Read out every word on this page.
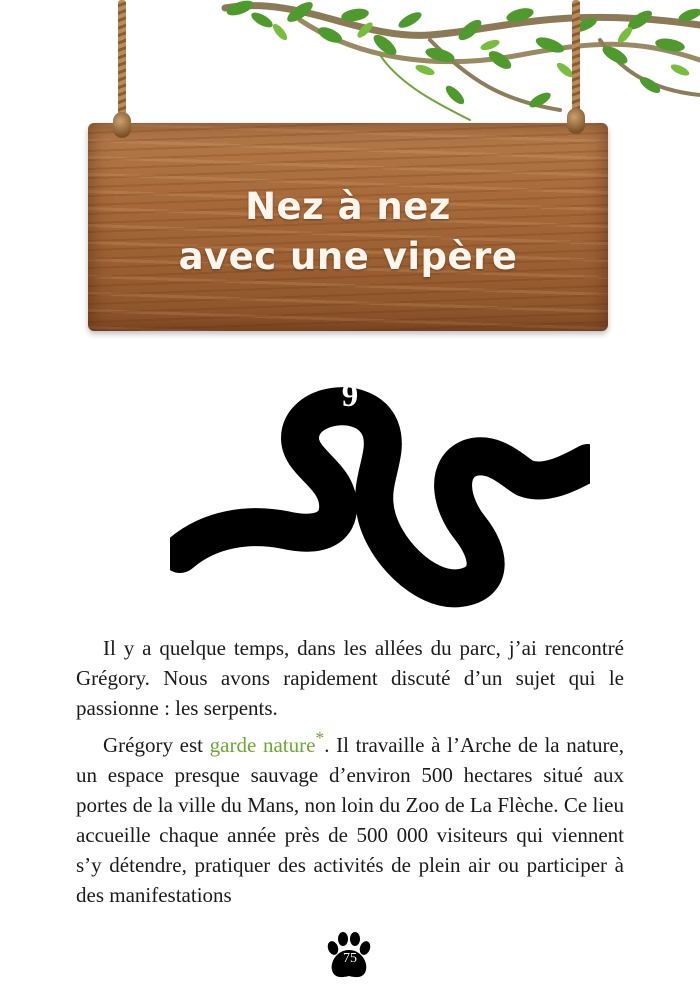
Nez à nez
avec une vipère
9

Il y a quelque temps, dans les allées du parc, j’ai rencontré Grégory. Nous avons rapidement discuté d’un sujet qui le passionne : les serpents.

Grégory est garde nature*. Il travaille à l’Arche de la nature, un espace presque sauvage d’environ 500 hectares situé aux portes de la ville du Mans, non loin du Zoo de La Flèche. Ce lieu accueille chaque année près de 500 000 visiteurs qui viennent s’y détendre, pratiquer des activités de plein air ou participer à des manifestations

75
